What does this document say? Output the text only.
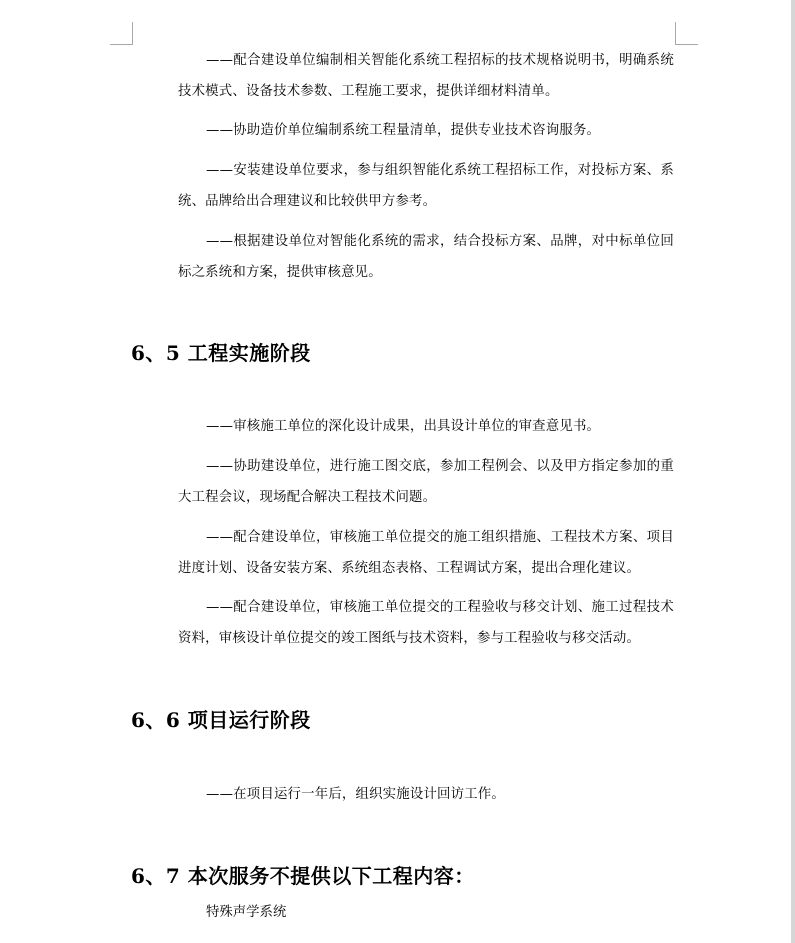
——配合建设单位编制相关智能化系统工程招标的技术规格说明书，明确系统技术模式、设备技术参数、工程施工要求，提供详细材料清单。

——协助造价单位编制系统工程量清单，提供专业技术咨询服务。

——安装建设单位要求，参与组织智能化系统工程招标工作，对投标方案、系统、品牌给出合理建议和比较供甲方参考。

——根据建设单位对智能化系统的需求，结合投标方案、品牌，对中标单位回标之系统和方案，提供审核意见。

6、5 工程实施阶段

——审核施工单位的深化设计成果，出具设计单位的审查意见书。

——协助建设单位，进行施工图交底，参加工程例会、以及甲方指定参加的重大工程会议，现场配合解决工程技术问题。

——配合建设单位，审核施工单位提交的施工组织措施、工程技术方案、项目进度计划、设备安装方案、系统组态表格、工程调试方案，提出合理化建议。

——配合建设单位，审核施工单位提交的工程验收与移交计划、施工过程技术资料，审核设计单位提交的竣工图纸与技术资料，参与工程验收与移交活动。

6、6 项目运行阶段

——在项目运行一年后，组织实施设计回访工作。

6、7 本次服务不提供以下工程内容：

特殊声学系统
